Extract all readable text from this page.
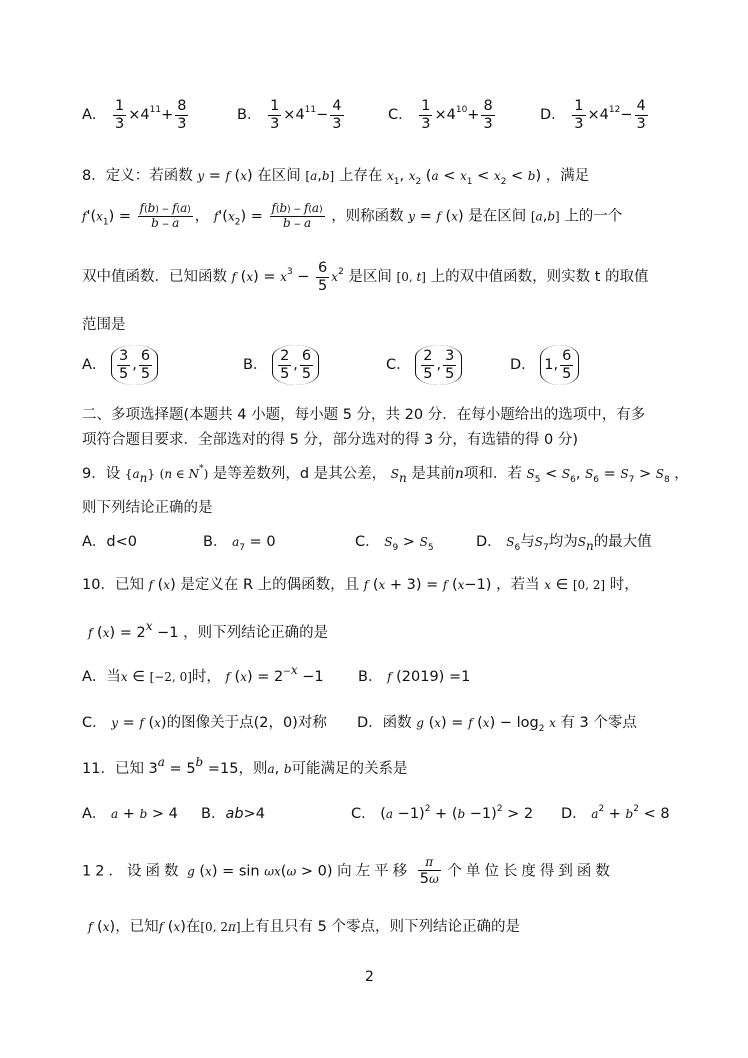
A． $\frac{1}{3} \times 4^{11}+ \frac{8}{3}$	B． $\frac{1}{3} \times 4^{11}- \frac{4}{3}$	C． $\frac{1}{3} \times 4^{10}+ \frac{8}{3}$	D． $\frac{1}{3} \times 4^{12}- \frac{4}{3}$
8．定义：若函数 y = f (x) 在区间 [a,b] 上存在 $x_1$, $x_2$ $(a < x_1 < x_2 < b)$ ，满足
$f'(x_1) = \frac{f(b) - f(a)}{b - a}$ ， $f'(x_2) = \frac{f(b) - f(a)}{b - a}$ ，则称函数 y = f (x) 是在区间 [a,b] 上的一个
双中值函数．已知函数 f $(x) = x^3 - \frac{6}{5} x^2$ 是区间 [0, t] 上的双中值函数，则实数 t 的取值
范围是
A． $\frac{3}{5}$ , $\frac{6}{5}$	B． $\frac{2}{5}$ , $\frac{6}{5}$	C． $\frac{2}{5}$ , $\frac{3}{5}$	D． 1, $\frac{6}{5}$
二、多项选择题(本题共 4 小题，每小题 5 分，共 20 分．在每小题给出的选项中，有多
项符合题目要求．全部选对的得 5 分，部分选对的得 3 分，有选错的得 0 分)
9．设 $\{a_n\}$ (n ∈ N*) 是等差数列，d 是其公差， $S_n$ 是其前n项和．若 $S_5 < S_6$, $S_6 = S_7 > S_8$ ，
则下列结论正确的是
A．d<0	B． $a_7 = 0$	C． $S_9 > S_5$	D． $S_6$与$S_7$均为$S_n$的最大值
10．已知 f (x) 是定义在 R 上的偶函数，且 f (x + 3) = f (x−1) ，若当 x ∈ [0, 2] 时，
f $(x) = 2^x -1$ ，则下列结论正确的是
A．当x ∈ [−2, 0]时， f $(x) = 2^{-x} -1$ B． f (2019) =1
C． y = f (x)的图像关于点(2，0)对称 D．函数 g (x) = f $(x) - \log_2 x$ 有 3 个零点
11．已知 $3^a = 5^b =15$，则a, b可能满足的关系是
A． a + b > 4 B．ab>4	C． $(a -1)^2 + (b -1)^2 > 2$ D． $a^2 + b^2 < 8$
12．设函数 g (x) = sin ωx(ω > 0) 向左平移 $\frac{\pi}{5\omega}$ 个单位长度得到函数
f (x)，已知f (x)在[0, 2π]上有且只有 5 个零点，则下列结论正确的是
2
